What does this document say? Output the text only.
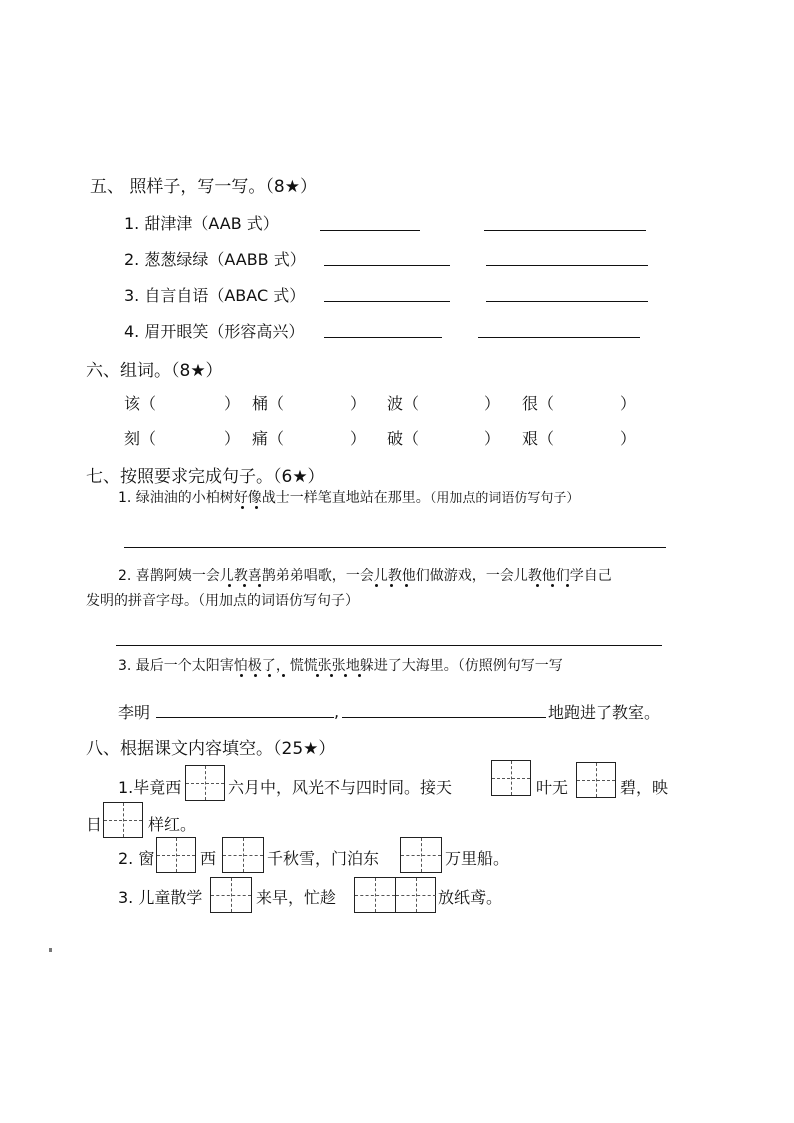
五、 照样子，写一写。（8★）
1. 甜津津（AAB 式）
2. 葱葱绿绿（AABB 式）
3. 自言自语（ABAC 式）
4. 眉开眼笑（形容高兴）
六、组词。（8★）
该（	） 桶（	） 波（	） 很（	）
刻（	） 痛（	） 破（	） 艰（	）
七、按照要求完成句子。（6★）
1. 绿油油的小柏树好像战士一样笔直地站在那里。（用加点的词语仿写句子）
2. 喜鹊阿姨一会儿教喜鹊弟弟唱歌，一会儿教他们做游戏，一会儿教他们学自己
发明的拼音字母。（用加点的词语仿写句子）
3. 最后一个太阳害怕极了，慌慌张张地躲进了大海里。（仿照例句写一写
李明	,	地跑进了教室。
八、根据课文内容填空。（25★）
1.毕竟西	六月中，风光不与四时同。接天	叶无	碧，映
日	样红。
2. 窗	西	千秋雪，门泊东	万里船。
3. 儿童散学	来早，忙趁	放纸鸢。
